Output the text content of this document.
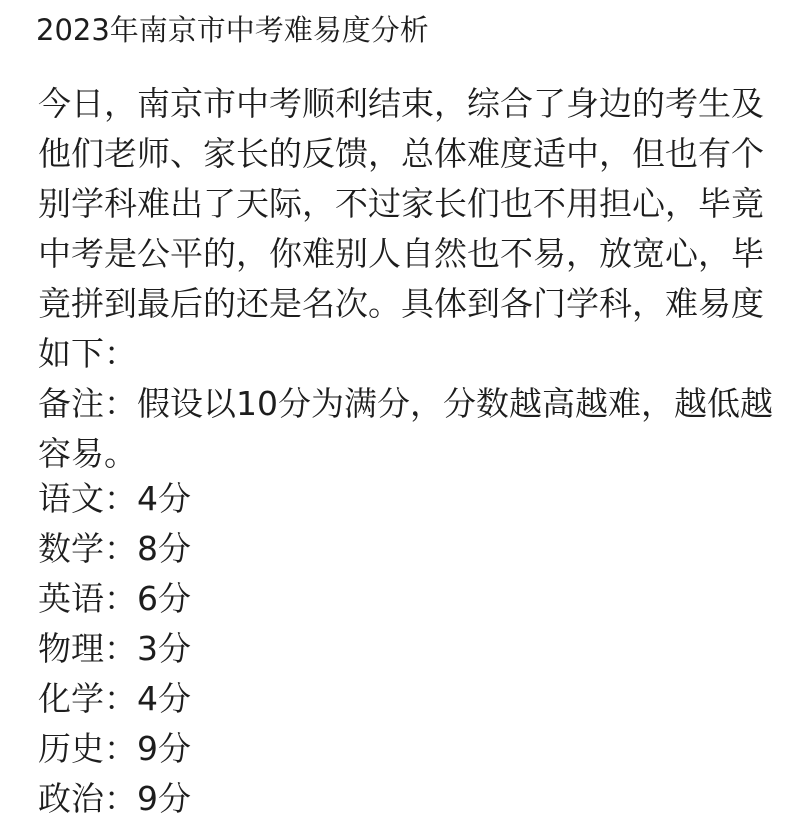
2023年南京市中考难易度分析

今日，南京市中考顺利结束，综合了身边的考生及

他们老师、家长的反馈，总体难度适中，但也有个

别学科难出了天际，不过家长们也不用担心，毕竟

中考是公平的，你难别人自然也不易，放宽心，毕

竟拼到最后的还是名次。具体到各门学科，难易度

如下：

备注：假设以10分为满分，分数越高越难，越低越

容易。

语文：4分

数学：8分

英语：6分

物理：3分

化学：4分

历史：9分

政治：9分
